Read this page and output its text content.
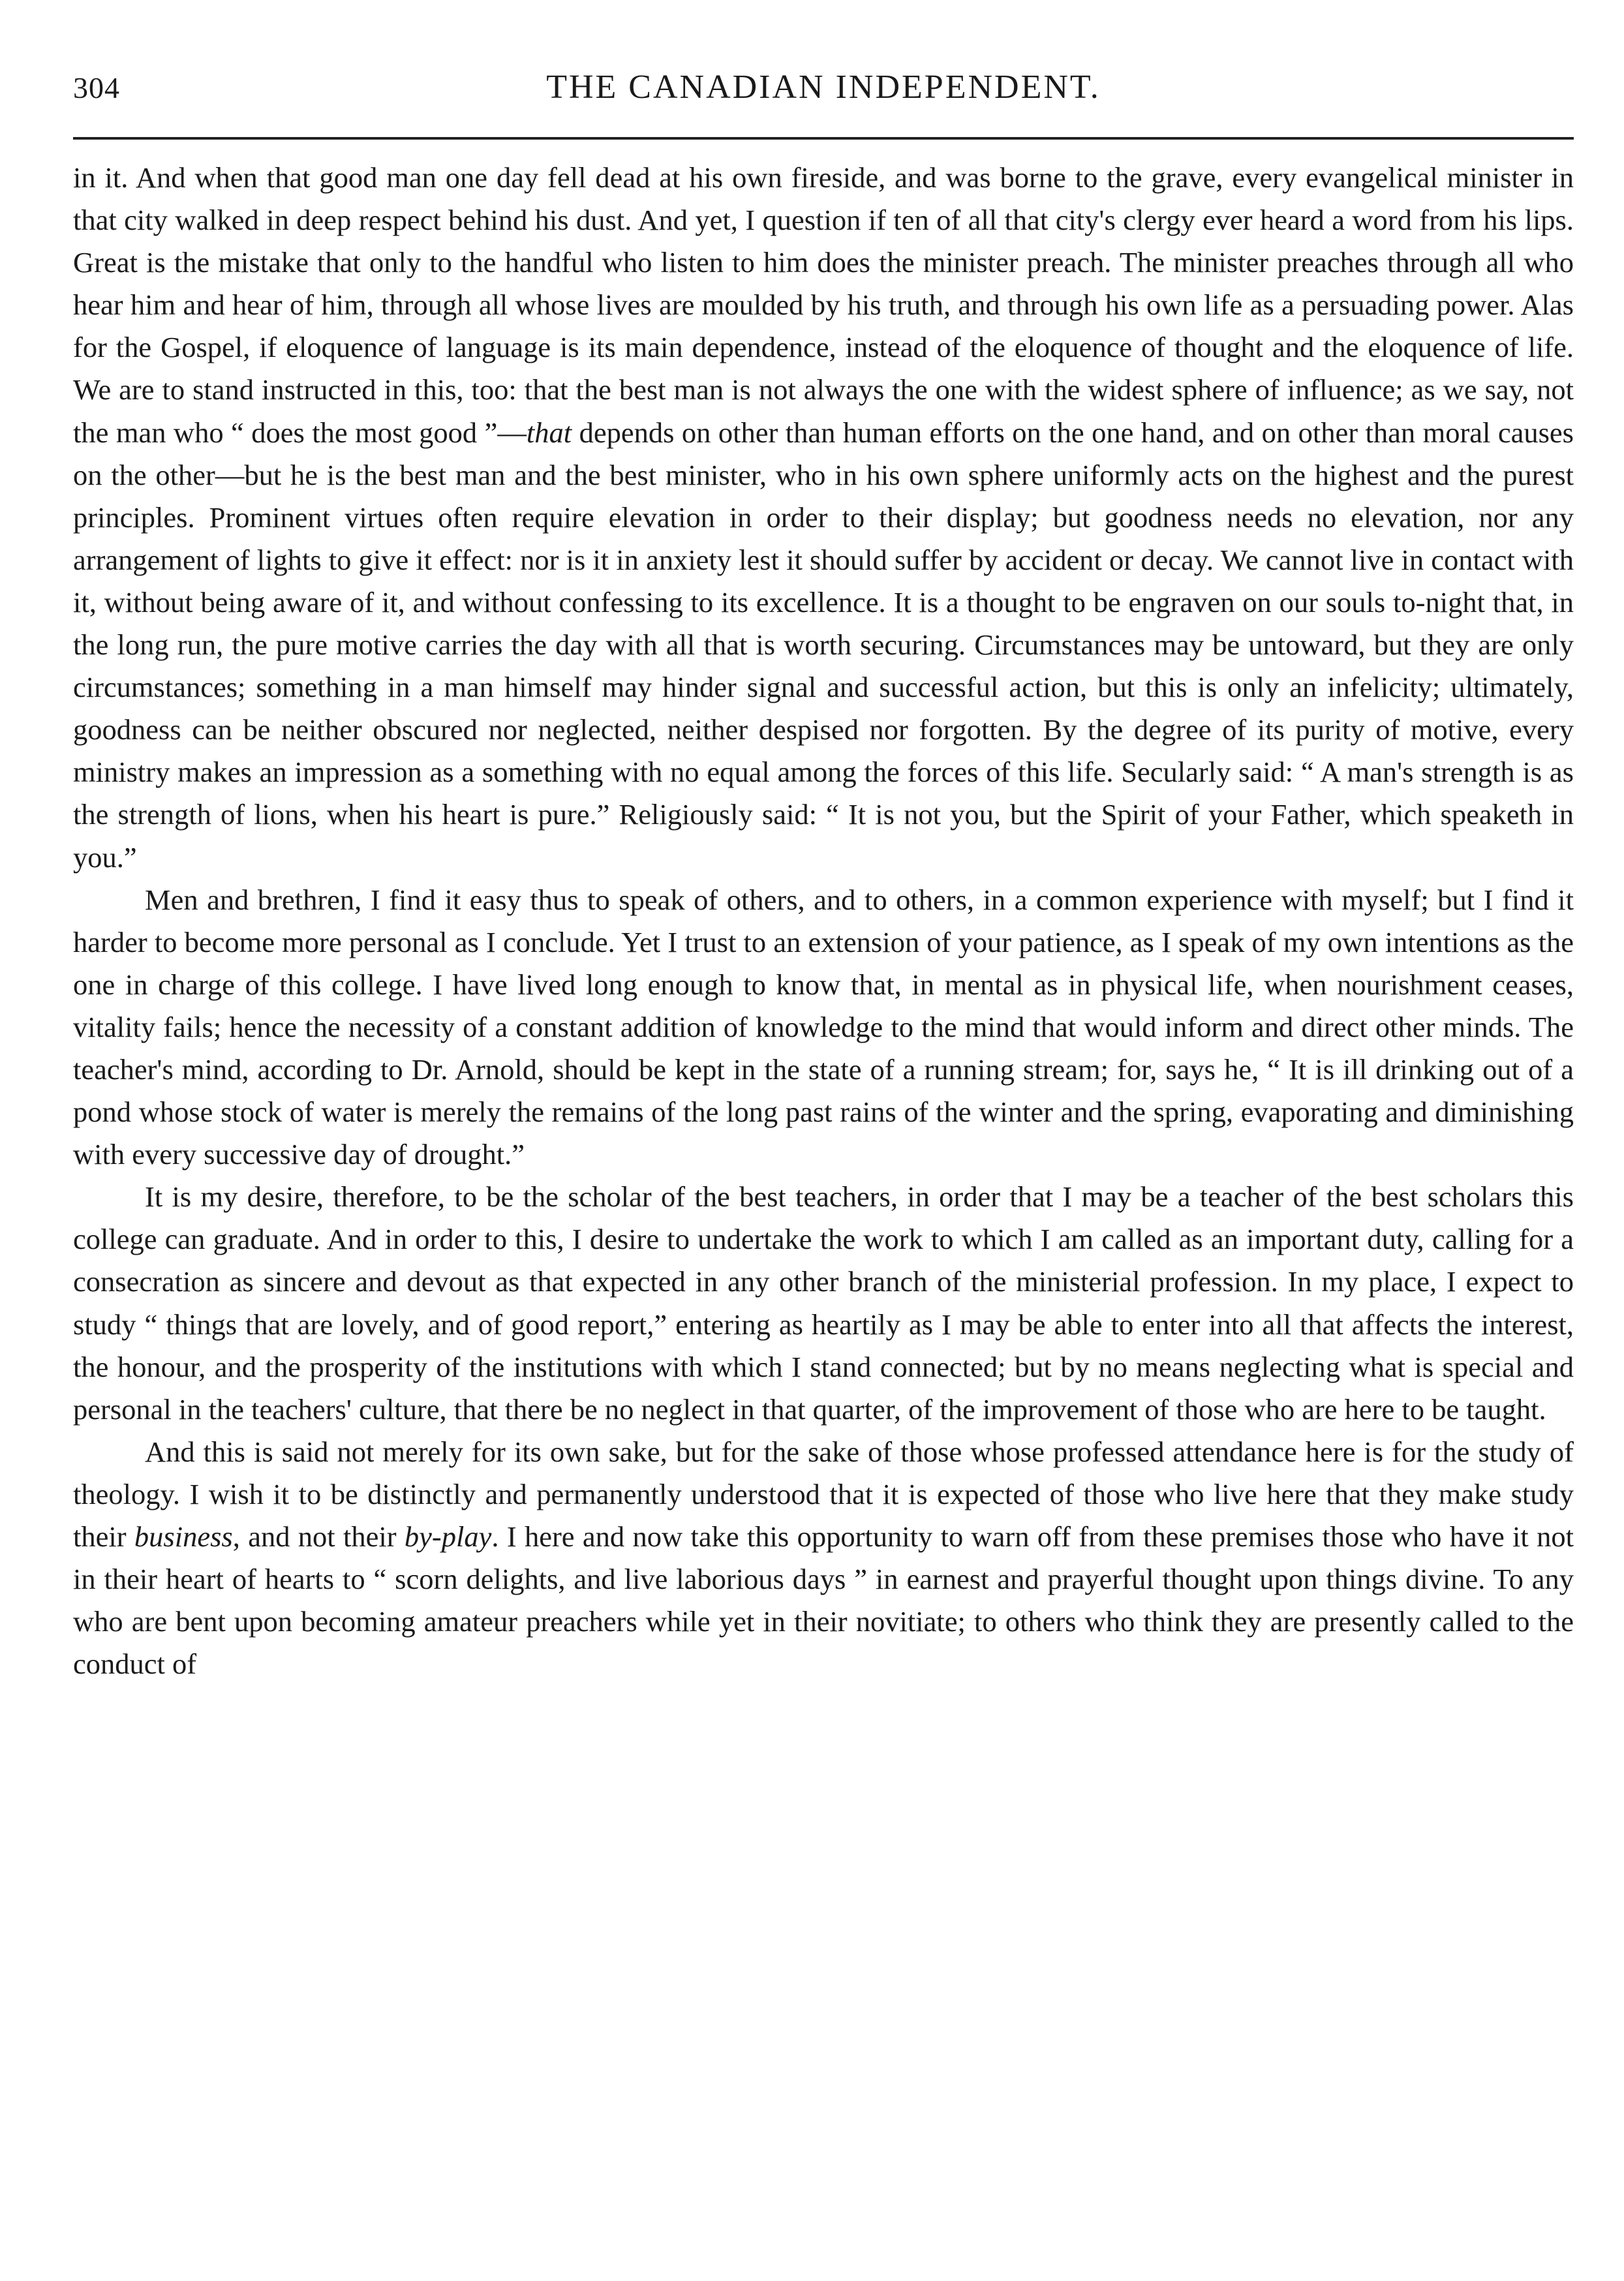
304	THE CANADIAN INDEPENDENT.

in it. And when that good man one day fell dead at his own fireside, and was borne to the grave, every evangelical minister in that city walked in deep respect behind his dust. And yet, I question if ten of all that city's clergy ever heard a word from his lips. Great is the mistake that only to the handful who listen to him does the minister preach. The minister preaches through all who hear him and hear of him, through all whose lives are moulded by his truth, and through his own life as a persuading power. Alas for the Gospel, if eloquence of language is its main dependence, instead of the eloquence of thought and the eloquence of life. We are to stand instructed in this, too: that the best man is not always the one with the widest sphere of influence; as we say, not the man who “ does the most good ”—that depends on other than human efforts on the one hand, and on other than moral causes on the other—but he is the best man and the best minister, who in his own sphere uniformly acts on the highest and the purest principles. Prominent virtues often require elevation in order to their display; but goodness needs no elevation, nor any arrangement of lights to give it effect: nor is it in anxiety lest it should suffer by accident or decay. We cannot live in contact with it, without being aware of it, and without confessing to its excellence. It is a thought to be engraven on our souls to-night that, in the long run, the pure motive carries the day with all that is worth securing. Circumstances may be untoward, but they are only circumstances; something in a man himself may hinder signal and successful action, but this is only an infelicity; ultimately, goodness can be neither obscured nor neglected, neither despised nor forgotten. By the degree of its purity of motive, every ministry makes an impression as a something with no equal among the forces of this life. Secularly said: “ A man's strength is as the strength of lions, when his heart is pure.” Religiously said: “ It is not you, but the Spirit of your Father, which speaketh in you.”

Men and brethren, I find it easy thus to speak of others, and to others, in a common experience with myself; but I find it harder to become more personal as I conclude. Yet I trust to an extension of your patience, as I speak of my own intentions as the one in charge of this college. I have lived long enough to know that, in mental as in physical life, when nourishment ceases, vitality fails; hence the necessity of a constant addition of knowledge to the mind that would inform and direct other minds. The teacher's mind, according to Dr. Arnold, should be kept in the state of a running stream; for, says he, “ It is ill drinking out of a pond whose stock of water is merely the remains of the long past rains of the winter and the spring, evaporating and diminishing with every successive day of drought.”

It is my desire, therefore, to be the scholar of the best teachers, in order that I may be a teacher of the best scholars this college can graduate. And in order to this, I desire to undertake the work to which I am called as an important duty, calling for a consecration as sincere and devout as that expected in any other branch of the ministerial profession. In my place, I expect to study “ things that are lovely, and of good report,” entering as heartily as I may be able to enter into all that affects the interest, the honour, and the prosperity of the institutions with which I stand connected; but by no means neglecting what is special and personal in the teachers' culture, that there be no neglect in that quarter, of the improvement of those who are here to be taught.

And this is said not merely for its own sake, but for the sake of those whose professed attendance here is for the study of theology. I wish it to be distinctly and permanently understood that it is expected of those who live here that they make study their business, and not their by-play. I here and now take this opportunity to warn off from these premises those who have it not in their heart of hearts to “ scorn delights, and live laborious days ” in earnest and prayerful thought upon things divine. To any who are bent upon becoming amateur preachers while yet in their novitiate; to others who think they are presently called to the conduct of
